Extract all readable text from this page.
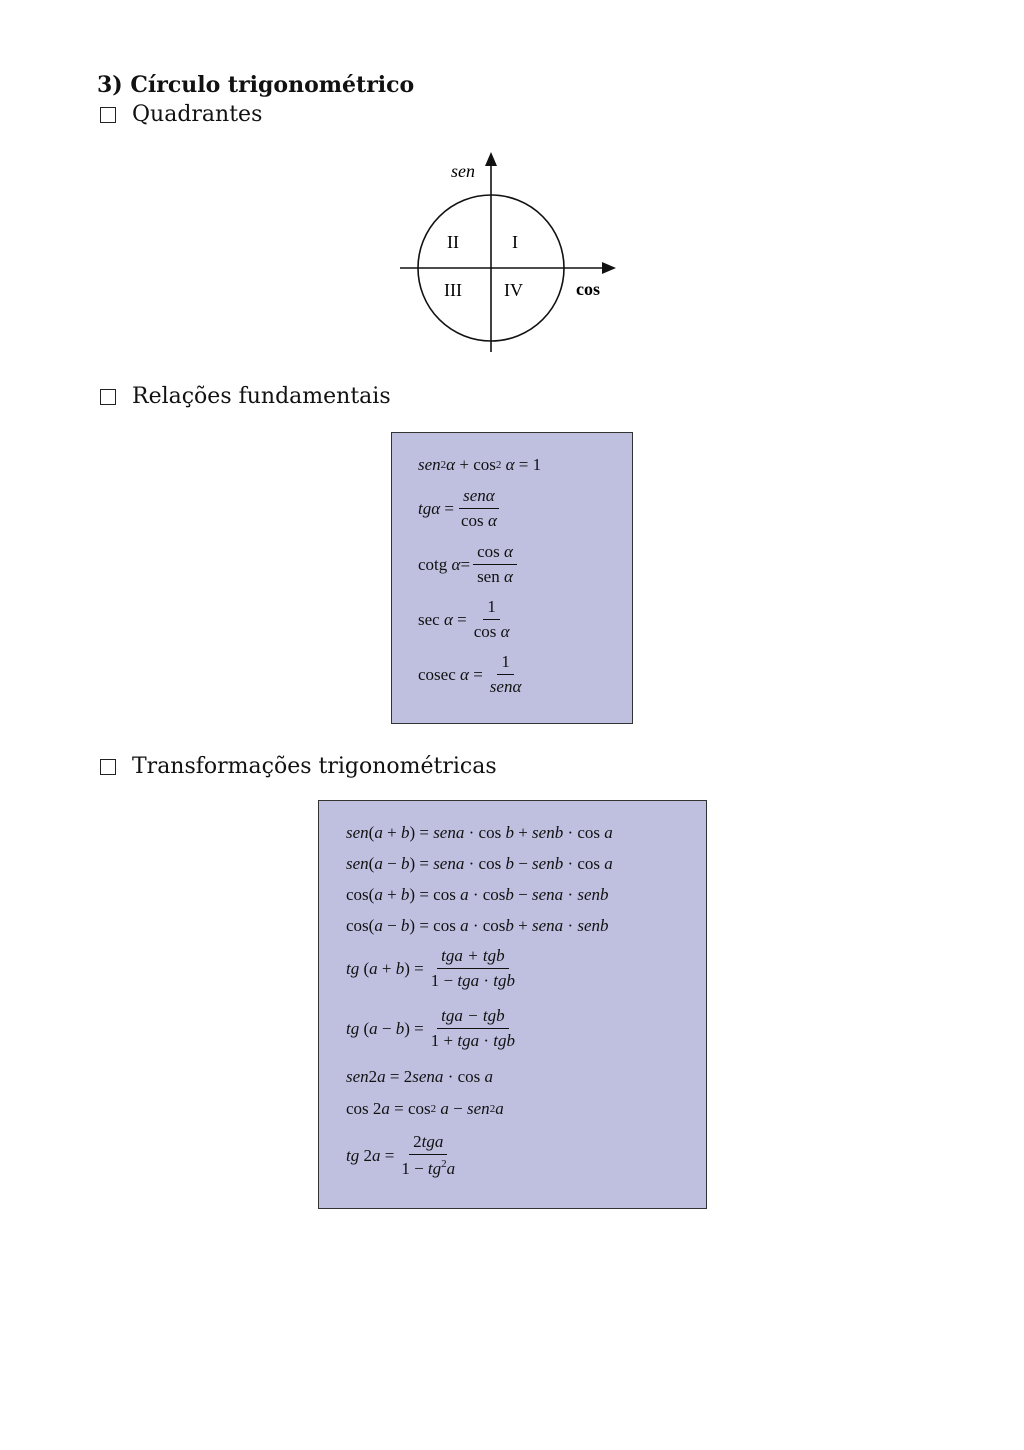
3) Círculo trigonométrico
Quadrantes
sen
cos
II	I
III IV
Relações fundamentais
sen 2 α + cos 2
α = 1
tg $\alpha = \frac{\text{senα}}{\text{cos α}}$
cotg $\alpha = \frac{\text{cos α}}{\text{sen α}}$
$\sec \alpha = \frac{1}{\text{cos α}}$
cosec $\alpha = \frac{1}{\text{senα}}$
Transformações trigonométricas
sen ( a + b ) = sena · cos b + senb · cos a
sen ( a − b ) = sena · cos b − senb · cos a
cos( a + b ) = cos a · cos b − sena · senb
cos( a − b ) = cos a · cos b + sena · senb
tg ( a + b ) = $\frac{\text{tga + tgb}}{\text{1 − tga · tgb}}$
tg ( a − b ) = $\frac{\text{tga − tgb}}{\text{1 + tga · tgb}}$
sen 2 a = 2 sena · cos a
cos 2 a = cos 2
a − sen 2 a
tg 2 $a = \frac{\text{2tga}}{1 - tg^2a}$
